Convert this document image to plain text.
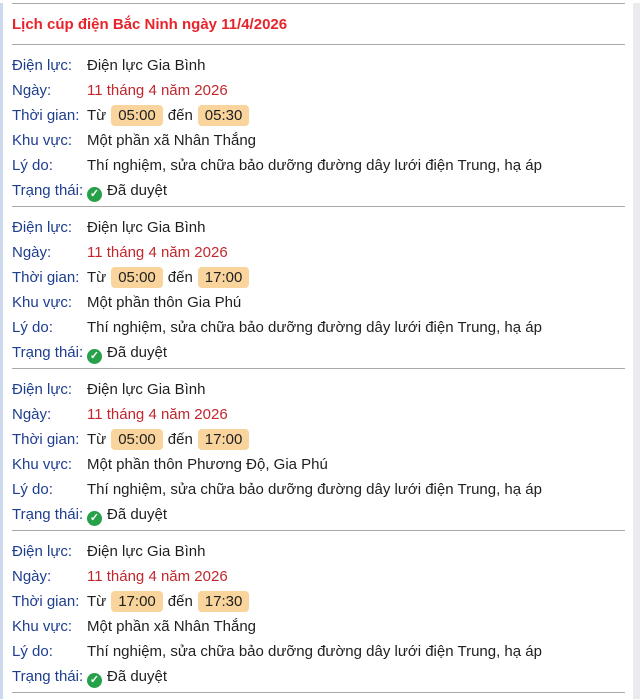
Lịch cúp điện Bắc Ninh ngày 11/4/2026
Điện lực: Điện lực Gia Bình
Ngày:	11 tháng 4 năm 2026
Thời gian: Từ 05:00 đến 05:30
Khu vực: Một phần xã Nhân Thắng
Lý do:	Thí nghiệm, sửa chữa bảo dưỡng đường dây lưới điện Trung, hạ áp
Trạng thái: ✓ Đã duyệt
Điện lực: Điện lực Gia Bình
Ngày:	11 tháng 4 năm 2026
Thời gian: Từ 05:00 đến 17:00
Khu vực: Một phần thôn Gia Phú
Lý do:	Thí nghiệm, sửa chữa bảo dưỡng đường dây lưới điện Trung, hạ áp
Trạng thái: ✓ Đã duyệt
Điện lực: Điện lực Gia Bình
Ngày:	11 tháng 4 năm 2026
Thời gian: Từ 05:00 đến 17:00
Khu vực: Một phần thôn Phương Độ, Gia Phú
Lý do:	Thí nghiệm, sửa chữa bảo dưỡng đường dây lưới điện Trung, hạ áp
Trạng thái: ✓ Đã duyệt
Điện lực: Điện lực Gia Bình
Ngày:	11 tháng 4 năm 2026
Thời gian: Từ 17:00 đến 17:30
Khu vực: Một phần xã Nhân Thắng
Lý do:	Thí nghiệm, sửa chữa bảo dưỡng đường dây lưới điện Trung, hạ áp
Trạng thái: ✓ Đã duyệt
